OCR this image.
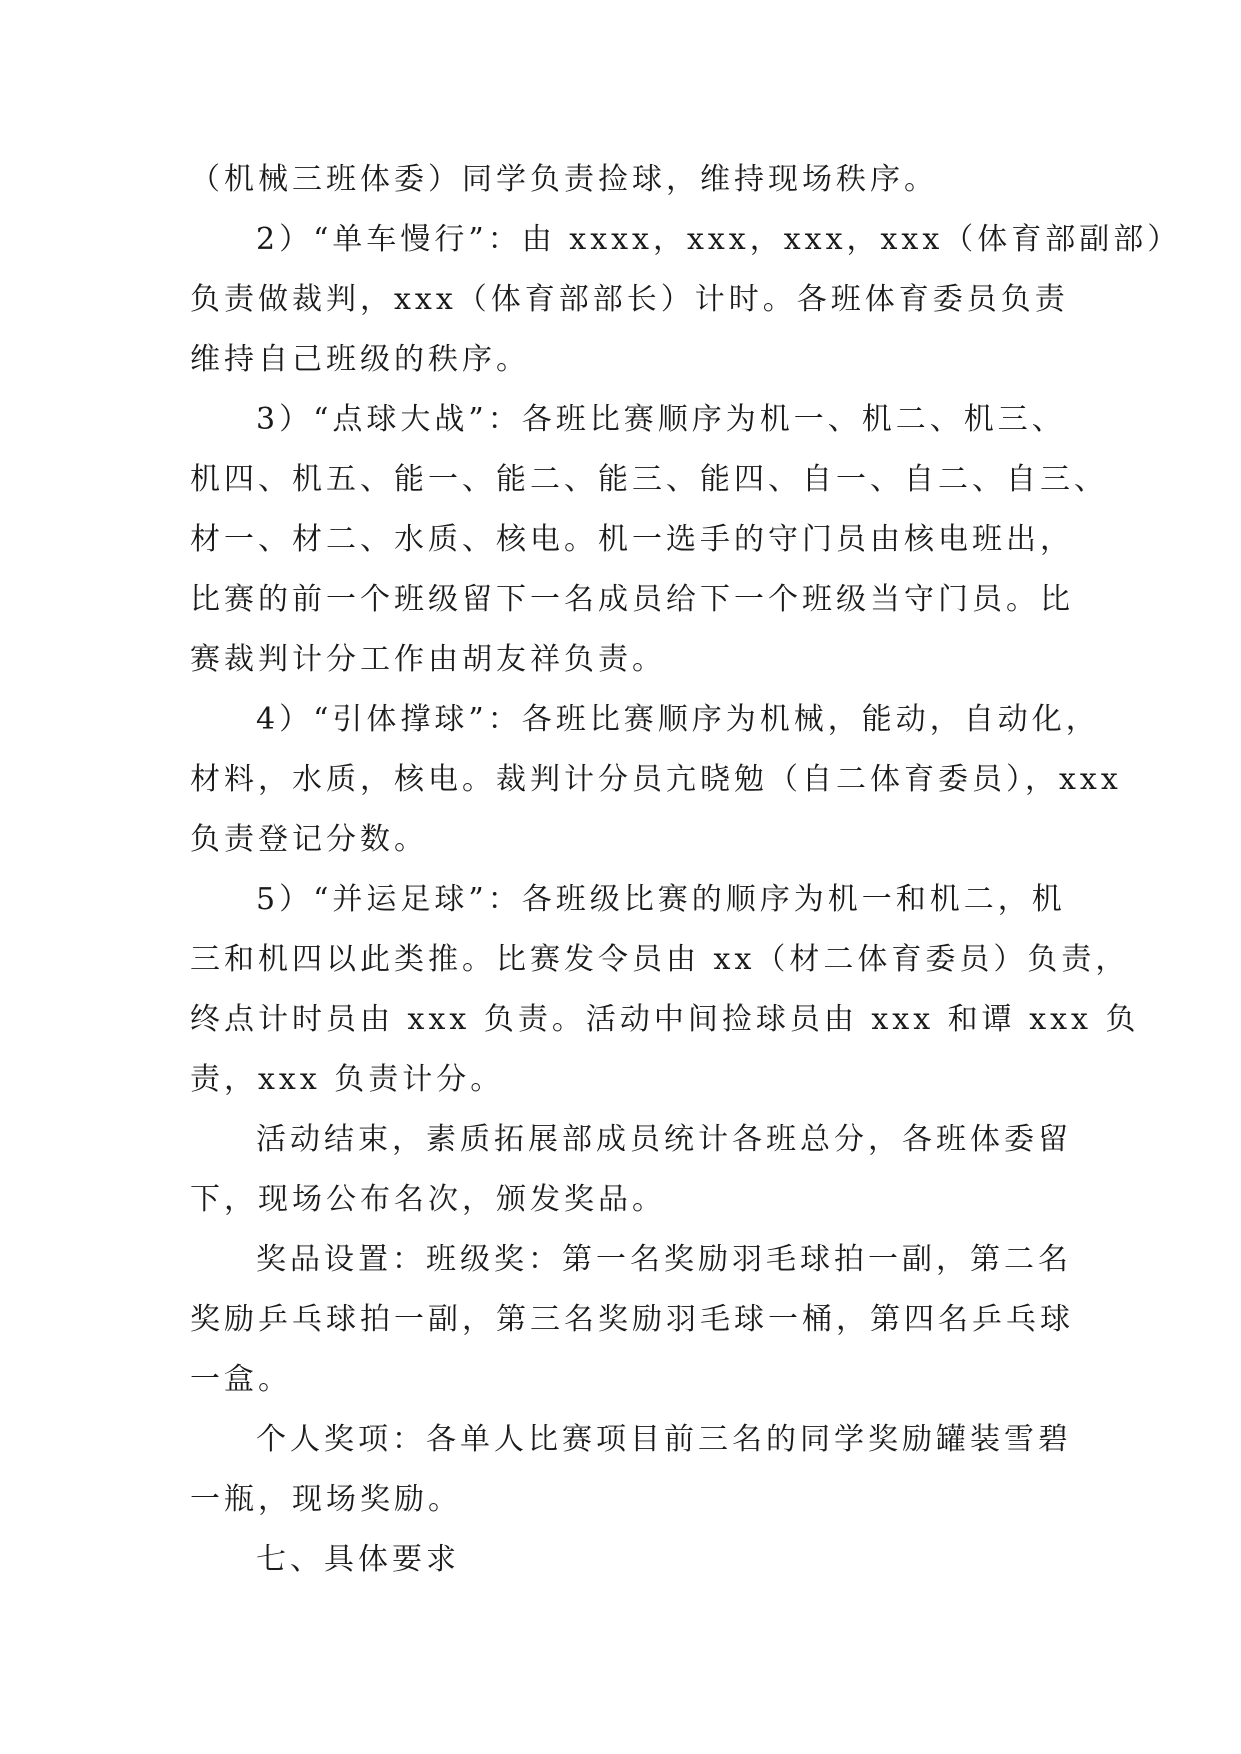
（机械三班体委）同学负责捡球，维持现场秩序。
2）“单车慢行”：由 xxxx，xxx，xxx，xxx（体育部副部）
负责做裁判，xxx（体育部部长）计时。各班体育委员负责
维持自己班级的秩序。
3）“点球大战”：各班比赛顺序为机一、机二、机三、
机四、机五、能一、能二、能三、能四、自一、自二、自三、
材一、材二、水质、核电。机一选手的守门员由核电班出，
比赛的前一个班级留下一名成员给下一个班级当守门员。比
赛裁判计分工作由胡友祥负责。
4）“引体撑球”：各班比赛顺序为机械，能动，自动化，
材料，水质，核电。裁判计分员亢晓勉（自二体育委员），xxx
负责登记分数。
5）“并运足球”：各班级比赛的顺序为机一和机二，机
三和机四以此类推。比赛发令员由 xx（材二体育委员）负责，
终点计时员由 xxx 负责。活动中间捡球员由 xxx 和谭 xxx 负
责，xxx 负责计分。
活动结束，素质拓展部成员统计各班总分，各班体委留
下，现场公布名次，颁发奖品。
奖品设置：班级奖：第一名奖励羽毛球拍一副，第二名
奖励乒乓球拍一副，第三名奖励羽毛球一桶，第四名乒乓球
一盒。
个人奖项：各单人比赛项目前三名的同学奖励罐装雪碧
一瓶，现场奖励。
七、具体要求
